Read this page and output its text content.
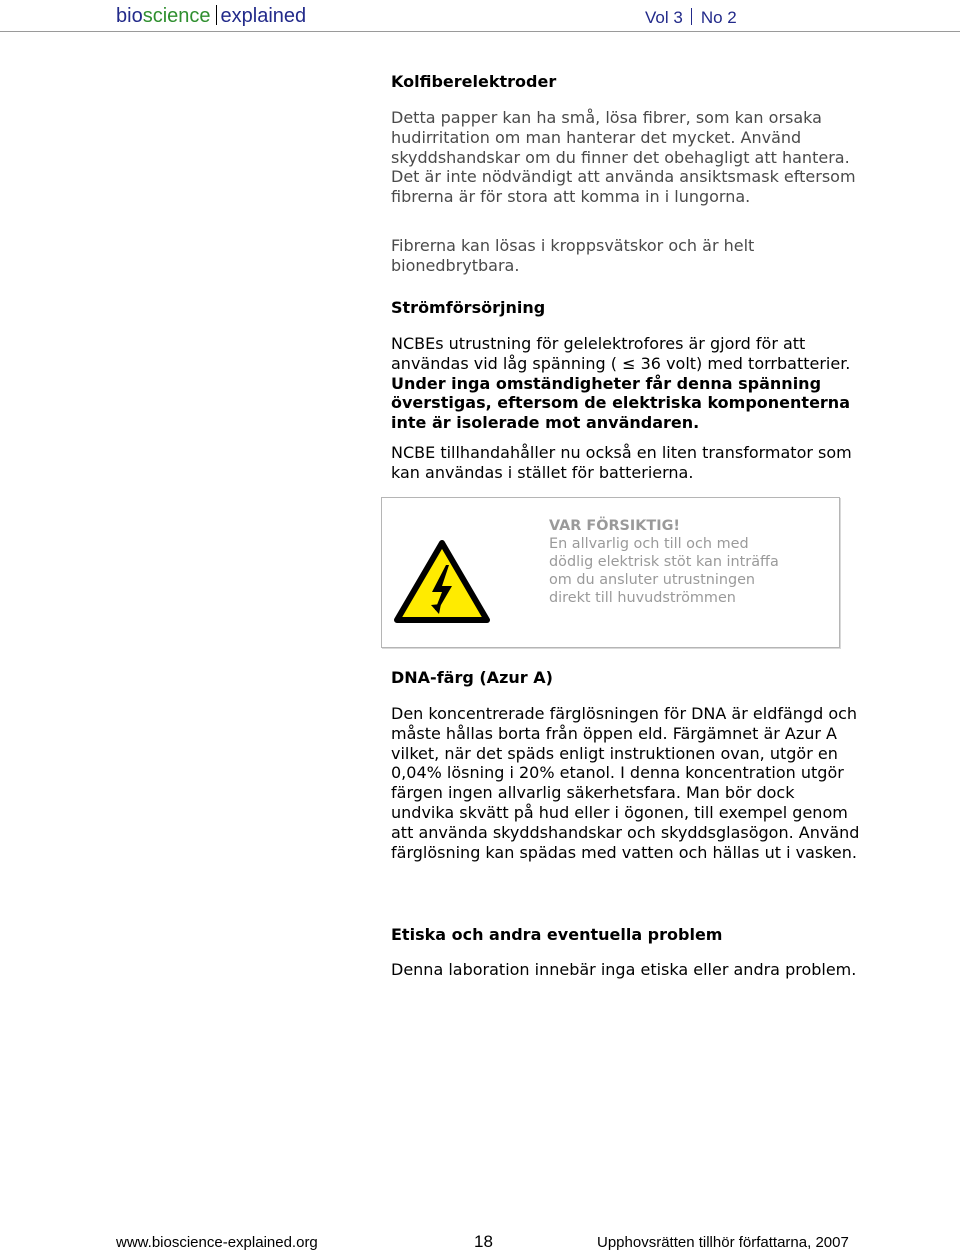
bioscience explained	Vol 3 No 2
Kolfiberelektroder

Detta papper kan ha små, lösa fibrer, som kan orsaka hudirritation om man hanterar det mycket. Använd skyddshandskar om du finner det obehagligt att hantera. Det är inte nödvändigt att använda ansiktsmask eftersom fibrerna är för stora att komma in i lungorna.

Fibrerna kan lösas i kroppsvätskor och är helt bionedbrytbara.

Strömförsörjning

NCBEs utrustning för gelelektrofores är gjord för att användas vid låg spänning ( ≤ 36 volt) med torrbatterier. Under inga omständigheter får denna spänning överstigas, eftersom de elektriska komponenterna inte är isolerade mot användaren.

NCBE tillhandahåller nu också en liten transformator som kan användas i stället för batterierna.

VAR FÖRSIKTIG!
En allvarlig och till och med dödlig elektrisk stöt kan inträffa om du ansluter utrustningen direkt till huvudströmmen
DNA-färg (Azur A)

Den koncentrerade färglösningen för DNA är eldfängd och måste hållas borta från öppen eld. Färgämnet är Azur A vilket, när det späds enligt instruktionen ovan, utgör en 0,04% lösning i 20% etanol. I denna koncentration utgör färgen ingen allvarlig säkerhetsfara. Man bör dock undvika skvätt på hud eller i ögonen, till exempel genom att använda skyddshandskar och skyddsglasögon. Använd färglösning kan spädas med vatten och hällas ut i vasken.

Etiska och andra eventuella problem

Denna laboration innebär inga etiska eller andra problem.

www.bioscience-explained.org	18	Upphovsrätten tillhör författarna, 2007
